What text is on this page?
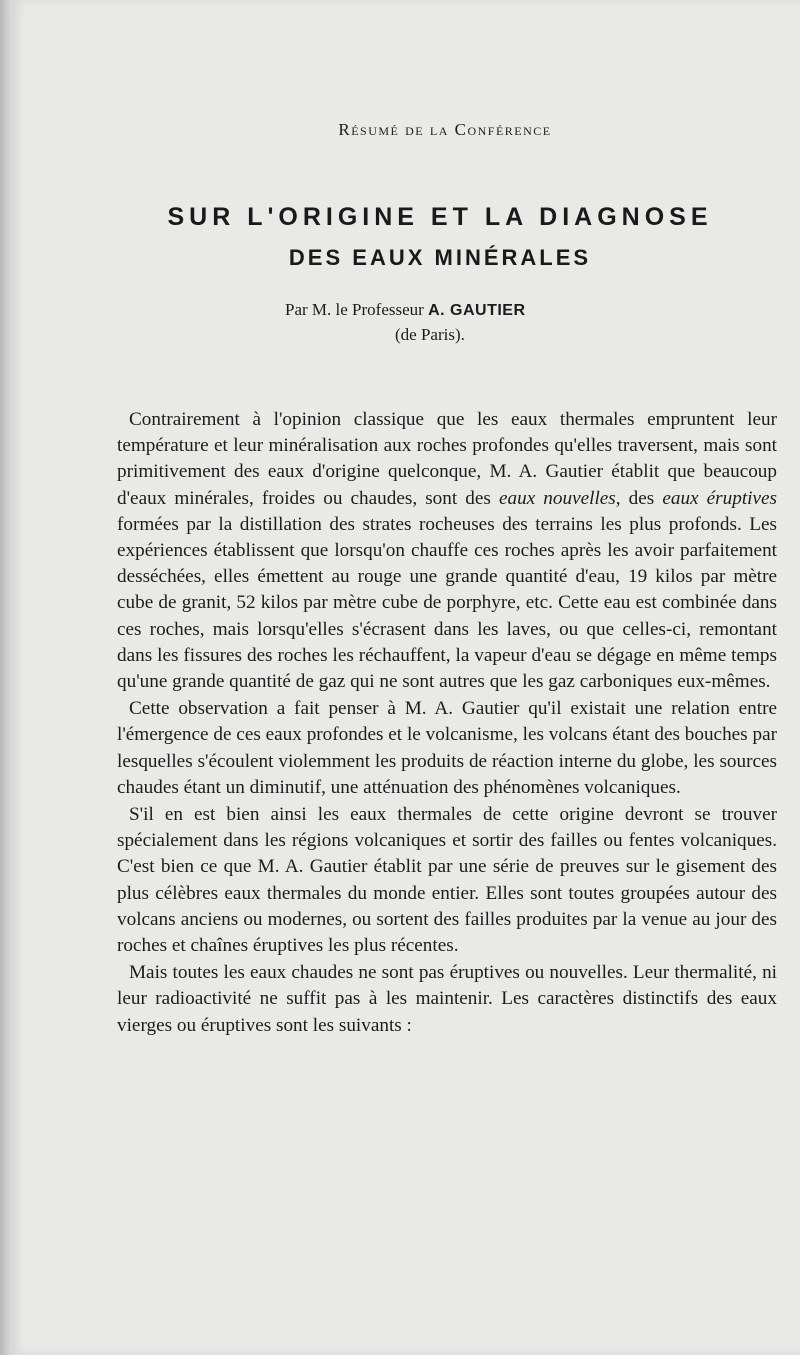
Résumé de la Conférence
SUR L'ORIGINE ET LA DIAGNOSE
DES EAUX MINÉRALES
Par M. le Professeur A. GAUTIER
(de Paris).

Contrairement à l'opinion classique que les eaux thermales empruntent leur température et leur minéralisation aux roches profondes qu'elles traversent, mais sont primitivement des eaux d'origine quelconque, M. A. Gautier établit que beaucoup d'eaux minérales, froides ou chaudes, sont des eaux nouvelles, des eaux éruptives formées par la distillation des strates rocheuses des terrains les plus profonds. Les expériences établissent que lorsqu'on chauffe ces roches après les avoir parfaitement desséchées, elles émettent au rouge une grande quantité d'eau, 19 kilos par mètre cube de granit, 52 kilos par mètre cube de porphyre, etc. Cette eau est combinée dans ces roches, mais lorsqu'elles s'écrasent dans les laves, ou que celles-ci, remontant dans les fissures des roches les réchauffent, la vapeur d'eau se dégage en même temps qu'une grande quantité de gaz qui ne sont autres que les gaz carboniques eux-mêmes.

Cette observation a fait penser à M. A. Gautier qu'il existait une relation entre l'émergence de ces eaux profondes et le volcanisme, les volcans étant des bouches par lesquelles s'écoulent violemment les produits de réaction interne du globe, les sources chaudes étant un diminutif, une atténuation des phénomènes volcaniques.

S'il en est bien ainsi les eaux thermales de cette origine devront se trouver spécialement dans les régions volcaniques et sortir des failles ou fentes volcaniques. C'est bien ce que M. A. Gautier établit par une série de preuves sur le gisement des plus célèbres eaux thermales du monde entier. Elles sont toutes groupées autour des volcans anciens ou modernes, ou sortent des failles produites par la venue au jour des roches et chaînes éruptives les plus récentes.

Mais toutes les eaux chaudes ne sont pas éruptives ou nouvelles. Leur thermalité, ni leur radioactivité ne suffit pas à les maintenir. Les caractères distinctifs des eaux vierges ou éruptives sont les suivants :
